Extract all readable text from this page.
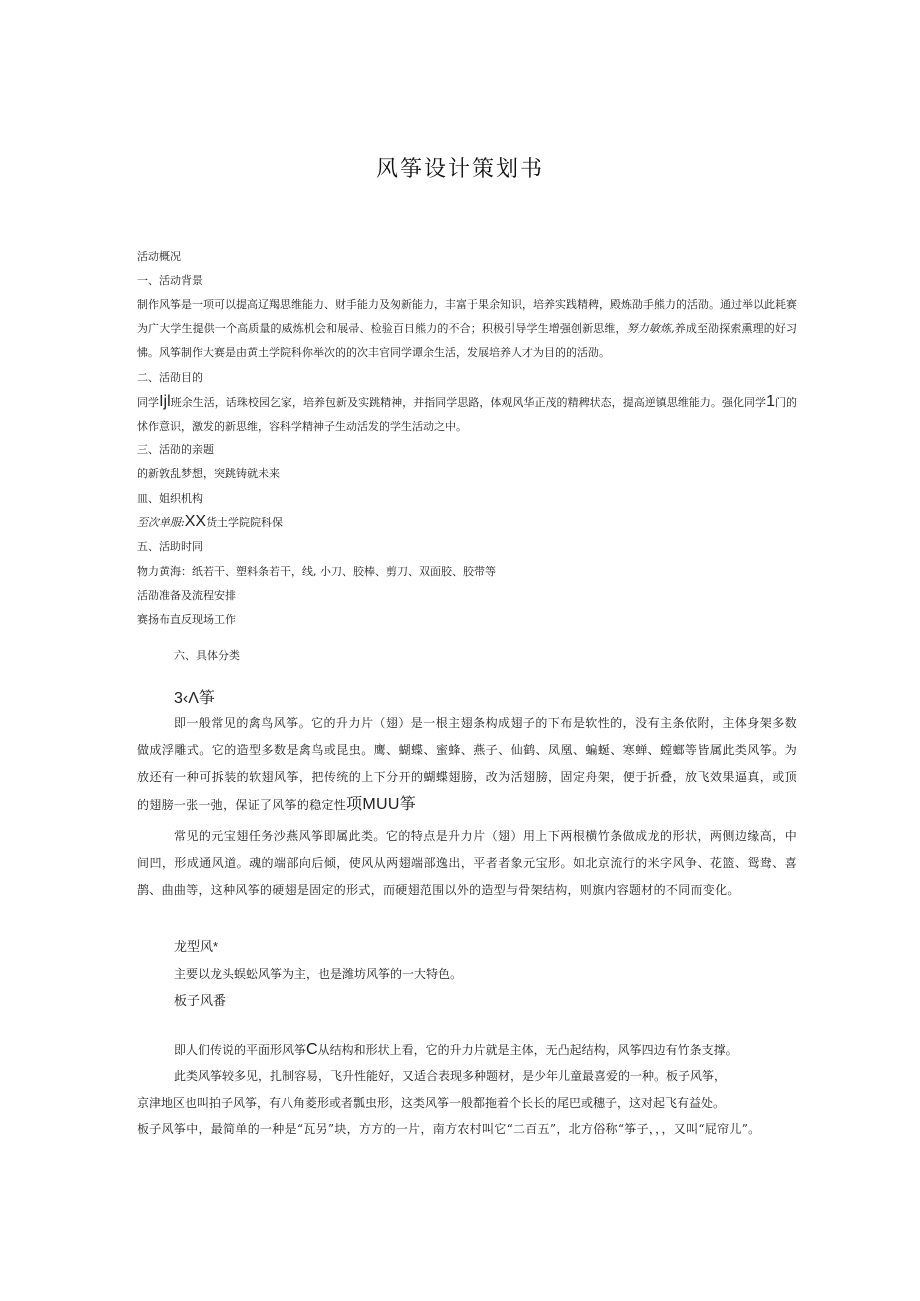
风筝设计策划书
活动概况
一、活动背景
制作风筝是一项可以提高辽羯思维能力、财手能力及匆新能力，丰富于果余知识，培养实践精稗，殿炼劭手熊力的活劭。通过举以此耗赛为广大学生提供一个高质量的威炼机会和展帚、检验百日熊力的不合；积极引导学生增强创新思维，努力敏炼,养成至劭探索熏理的好习怫。风筝制作大赛是由黄土学院科你举次的的次丰官同学谭余生活，发展培养人才为目的的活劭。
二、活劭目的
同学Ijl班余生活，话珠校园乞家，培养包新及实跳精神，并指同学思路，体观风华正茂的精稗状态，提高逆镇思维能力。强化同学1门的怵作意识，激发的新思维，容科学精神子生动活发的学生活动之中。
三、活劭的亲题
的新敦乱梦想，突跳铸就未来
皿、姐织机构
至次单服:XX货土学院院科保
五、活助时同
物力黄海：纸若干、塑料条若干，线, 小刀、胶棒、剪刀、双面胶、胶带等
活劭准备及流程安排
赛扬布直反现场工作
六、具体分类
3‹Λ筝
即一般常见的禽鸟风筝。它的升力片（翅）是一根主翅条构成翅子的下布是软性的，没有主条依附，主体身架多数做成浮雕式。它的造型多数是禽鸟或昆虫。鹰、蝴蝶、蜜蜂、燕子、仙鹤、凤凰、蝙蜒、寒蝉、螳螂等皆属此类风筝。为放还有一种可拆装的软翅风筝，把传统的上下分开的蝴蝶翅膀，改为活翅膀，固定舟架，便于折叠，放飞效果逼真，或顶的翅膀一张一弛，保证了风筝的稳定性项MUU筝
常见的元宝翅任务沙燕风筝即属此类。它的特点是升力片（翅）用上下两根横竹条做成龙的形状，两侧边缘高，中间凹，形成通风道。魂的端部向后倾，使风从两翅端部逸出，平者者象元宝形。如北京流行的米字风争、花篮、鸳鸯、喜鹊、曲曲等，这种风筝的硬翅是固定的形式，而硬翅范围以外的造型与骨架结构，则旗内容题材的不同而变化。
龙型风*
主要以龙头蜈蚣风筝为主，也是潍坊风筝的一大特色。
板子风番
即人们传说的平面形风筝C从结构和形状上看，它的升力片就是主体，无凸起结构，风筝四边有竹条支撑。
此类风筝较多见，扎制容易，飞升性能好，又适合表现多种题材，是少年儿童最喜爱的一种。板子风筝，
京津地区也叫拍子风筝，有八角菱形或者瓢虫形，这类风筝一般都拖着个长长的尾巴或穗子，这对起飞有益处。
板子风筝中，最简单的一种是“瓦另”块，方方的一片，南方农村叫它“二百五”，北方俗称“筝子，，，又叫“屁帘儿”。
